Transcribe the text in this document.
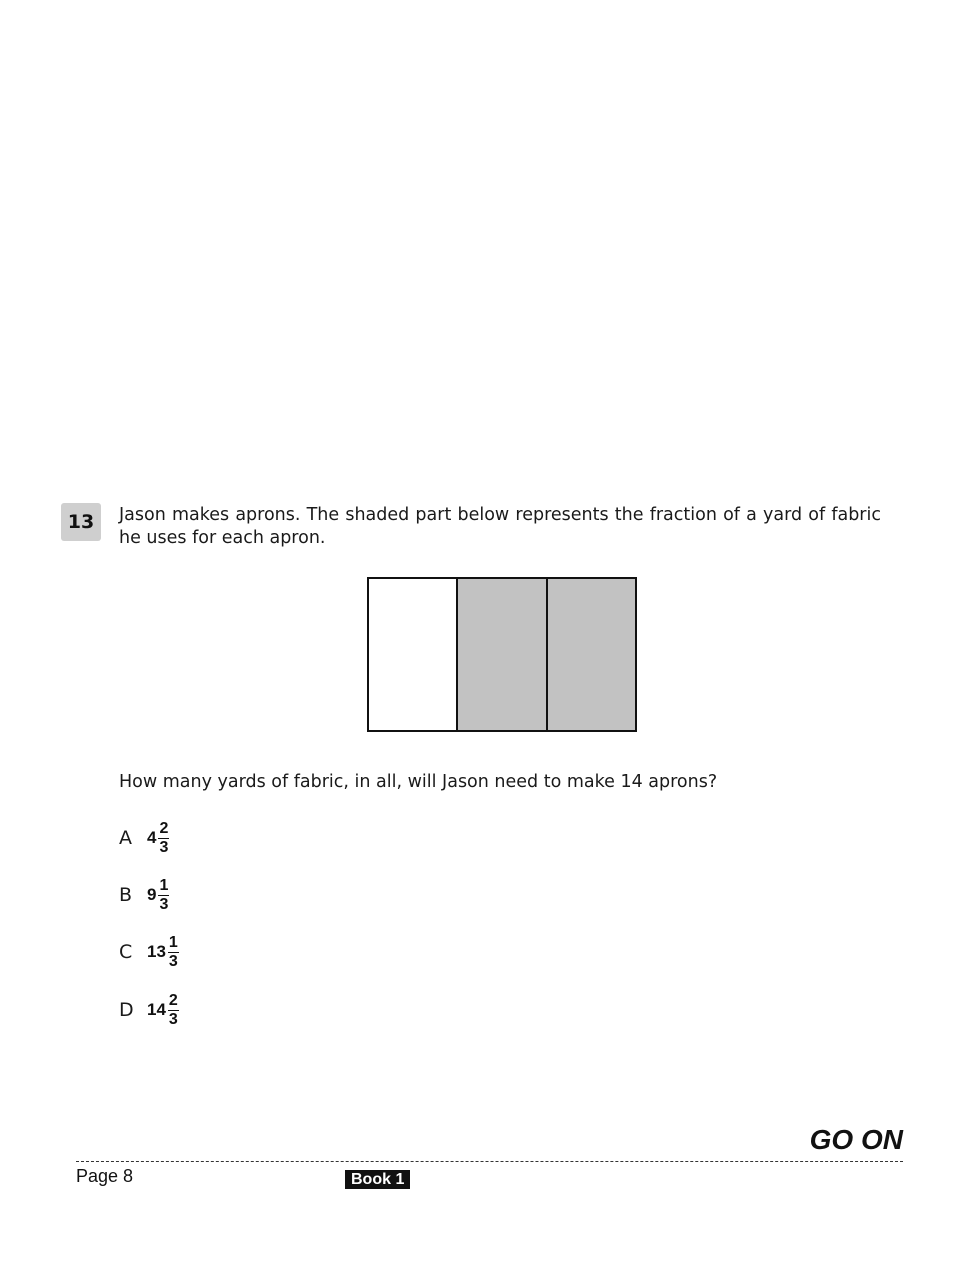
13	Jason makes aprons. The shaded part below represents the fraction of a yard of fabric he uses for each apron.
How many yards of fabric, in all, will Jason need to make 14 aprons?
A $4 \frac{2}{3}$
B $9 \frac{1}{3}$
C $13 \frac{1}{3}$
D $14 \frac{2}{3}$
GO ON
Page 8	Book 1
